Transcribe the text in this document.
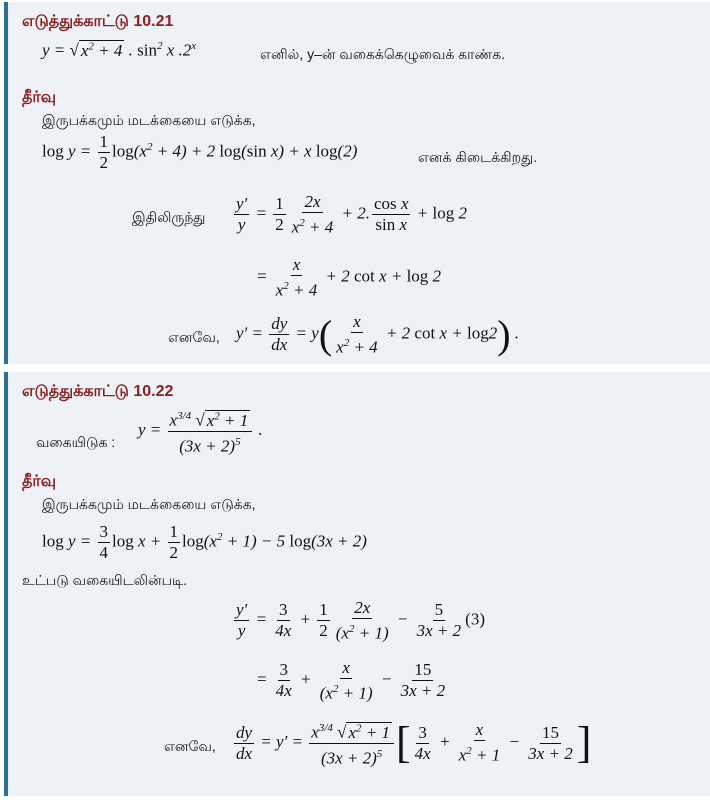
எடுத்துக்காட்டு 10.21
y = √ $x^2 + 4$ . $\sin^2 x$ .2$^x$	எனில், y–ன் வகைக்கெழுவைக் காண்க.
தீர்வு
இருபக்கமும் மடக்கையை எடுக்க,
$\log y = \frac{1}{2} \log(x^2 + 4) + 2$ log(sin x) + x log(2)	எனக் கிடைக்கிறது.
இதிலிருந்து $\frac{y'}{y} = \frac{1}{2} \frac{2x}{x^2 + 4} + 2$. $\frac{\text{cos x}}{\text{sin x}} + \log 2$
= $\frac{x}{x^2 + 4} + 2$ cot x + log 2
எனவே, $y' = \frac{dy}{dx} = y( \frac{x}{x^2 + 4} + 2$ cot x + log2) .
எடுத்துக்காட்டு 10.22
வகையிடுக :
$y = \frac{x^{3/4} √ x^2 + 1}{(3x + 2)^5}$ .
தீர்வு
இருபக்கமும் மடக்கையை எடுக்க,
$\log y = \frac{3}{4}$ $\log x + \frac{1}{2} \log(x^2 + 1) - 5$ log(3x + 2)
உட்படு வகையிடலின்படி.
$\frac{y'}{y} = \frac{3}{4x} + \frac{1}{2} \frac{2x}{(x^2 + 1)} - \frac{5}{3x + 2} (3)$
= $\frac{3}{4x} + \frac{x}{(x^2 + 1)} - \frac{15}{3x + 2}$
எனவே, $\frac{dy}{dx} = y' = \frac{x^{3/4} √ x^2 + 1}{(3x + 2)^5}$ [ $\frac{3}{4x} + \frac{x}{x^2 + 1} - \frac{15}{3x + 2}$ ]
